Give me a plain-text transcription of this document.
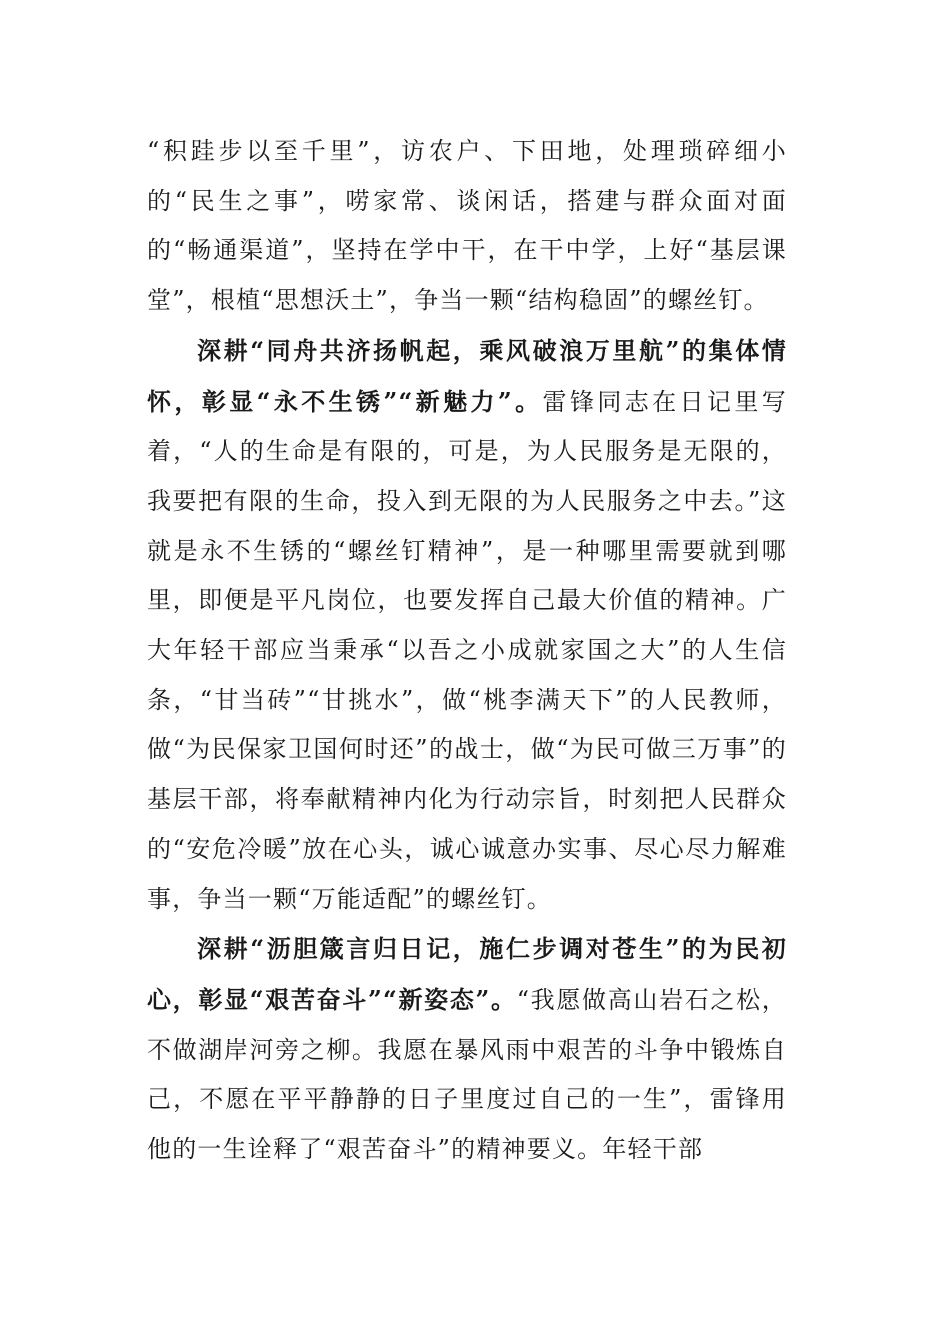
“积跬步以至千里”，访农户、下田地，处理琐碎细小的“民生之事”，唠家常、谈闲话，搭建与群众面对面的“畅通渠道”，坚持在学中干，在干中学，上好“基层课堂”，根植“思想沃土”，争当一颗“结构稳固”的螺丝钉。

深耕“同舟共济扬帆起，乘风破浪万里航”的集体情怀，彰显“永不生锈”“新魅力”。雷锋同志在日记里写着，“人的生命是有限的，可是，为人民服务是无限的，我要把有限的生命，投入到无限的为人民服务之中去。”这就是永不生锈的“螺丝钉精神”，是一种哪里需要就到哪里，即便是平凡岗位，也要发挥自己最大价值的精神。广大年轻干部应当秉承“以吾之小成就家国之大”的人生信条，“甘当砖”“甘挑水”，做“桃李满天下”的人民教师，做“为民保家卫国何时还”的战士，做“为民可做三万事”的基层干部，将奉献精神内化为行动宗旨，时刻把人民群众的“安危冷暖”放在心头，诚心诚意办实事、尽心尽力解难事，争当一颗“万能适配”的螺丝钉。

深耕“沥胆箴言归日记，施仁步调对苍生”的为民初心，彰显“艰苦奋斗”“新姿态”。“我愿做高山岩石之松，不做湖岸河旁之柳。我愿在暴风雨中艰苦的斗争中锻炼自己，不愿在平平静静的日子里度过自己的一生”，雷锋用他的一生诠释了“艰苦奋斗”的精神要义。年轻干部
